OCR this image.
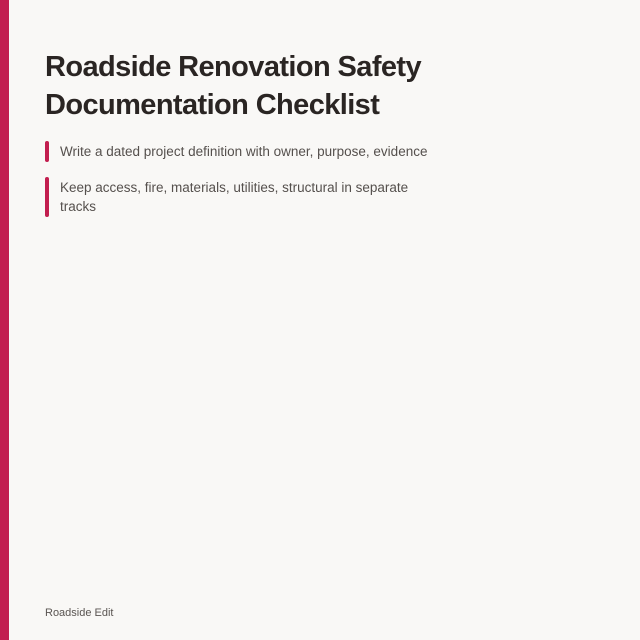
Roadside Renovation Safety Documentation Checklist
Write a dated project definition with owner, purpose, evidence
Keep access, fire, materials, utilities, structural in separate tracks
Roadside Edit
